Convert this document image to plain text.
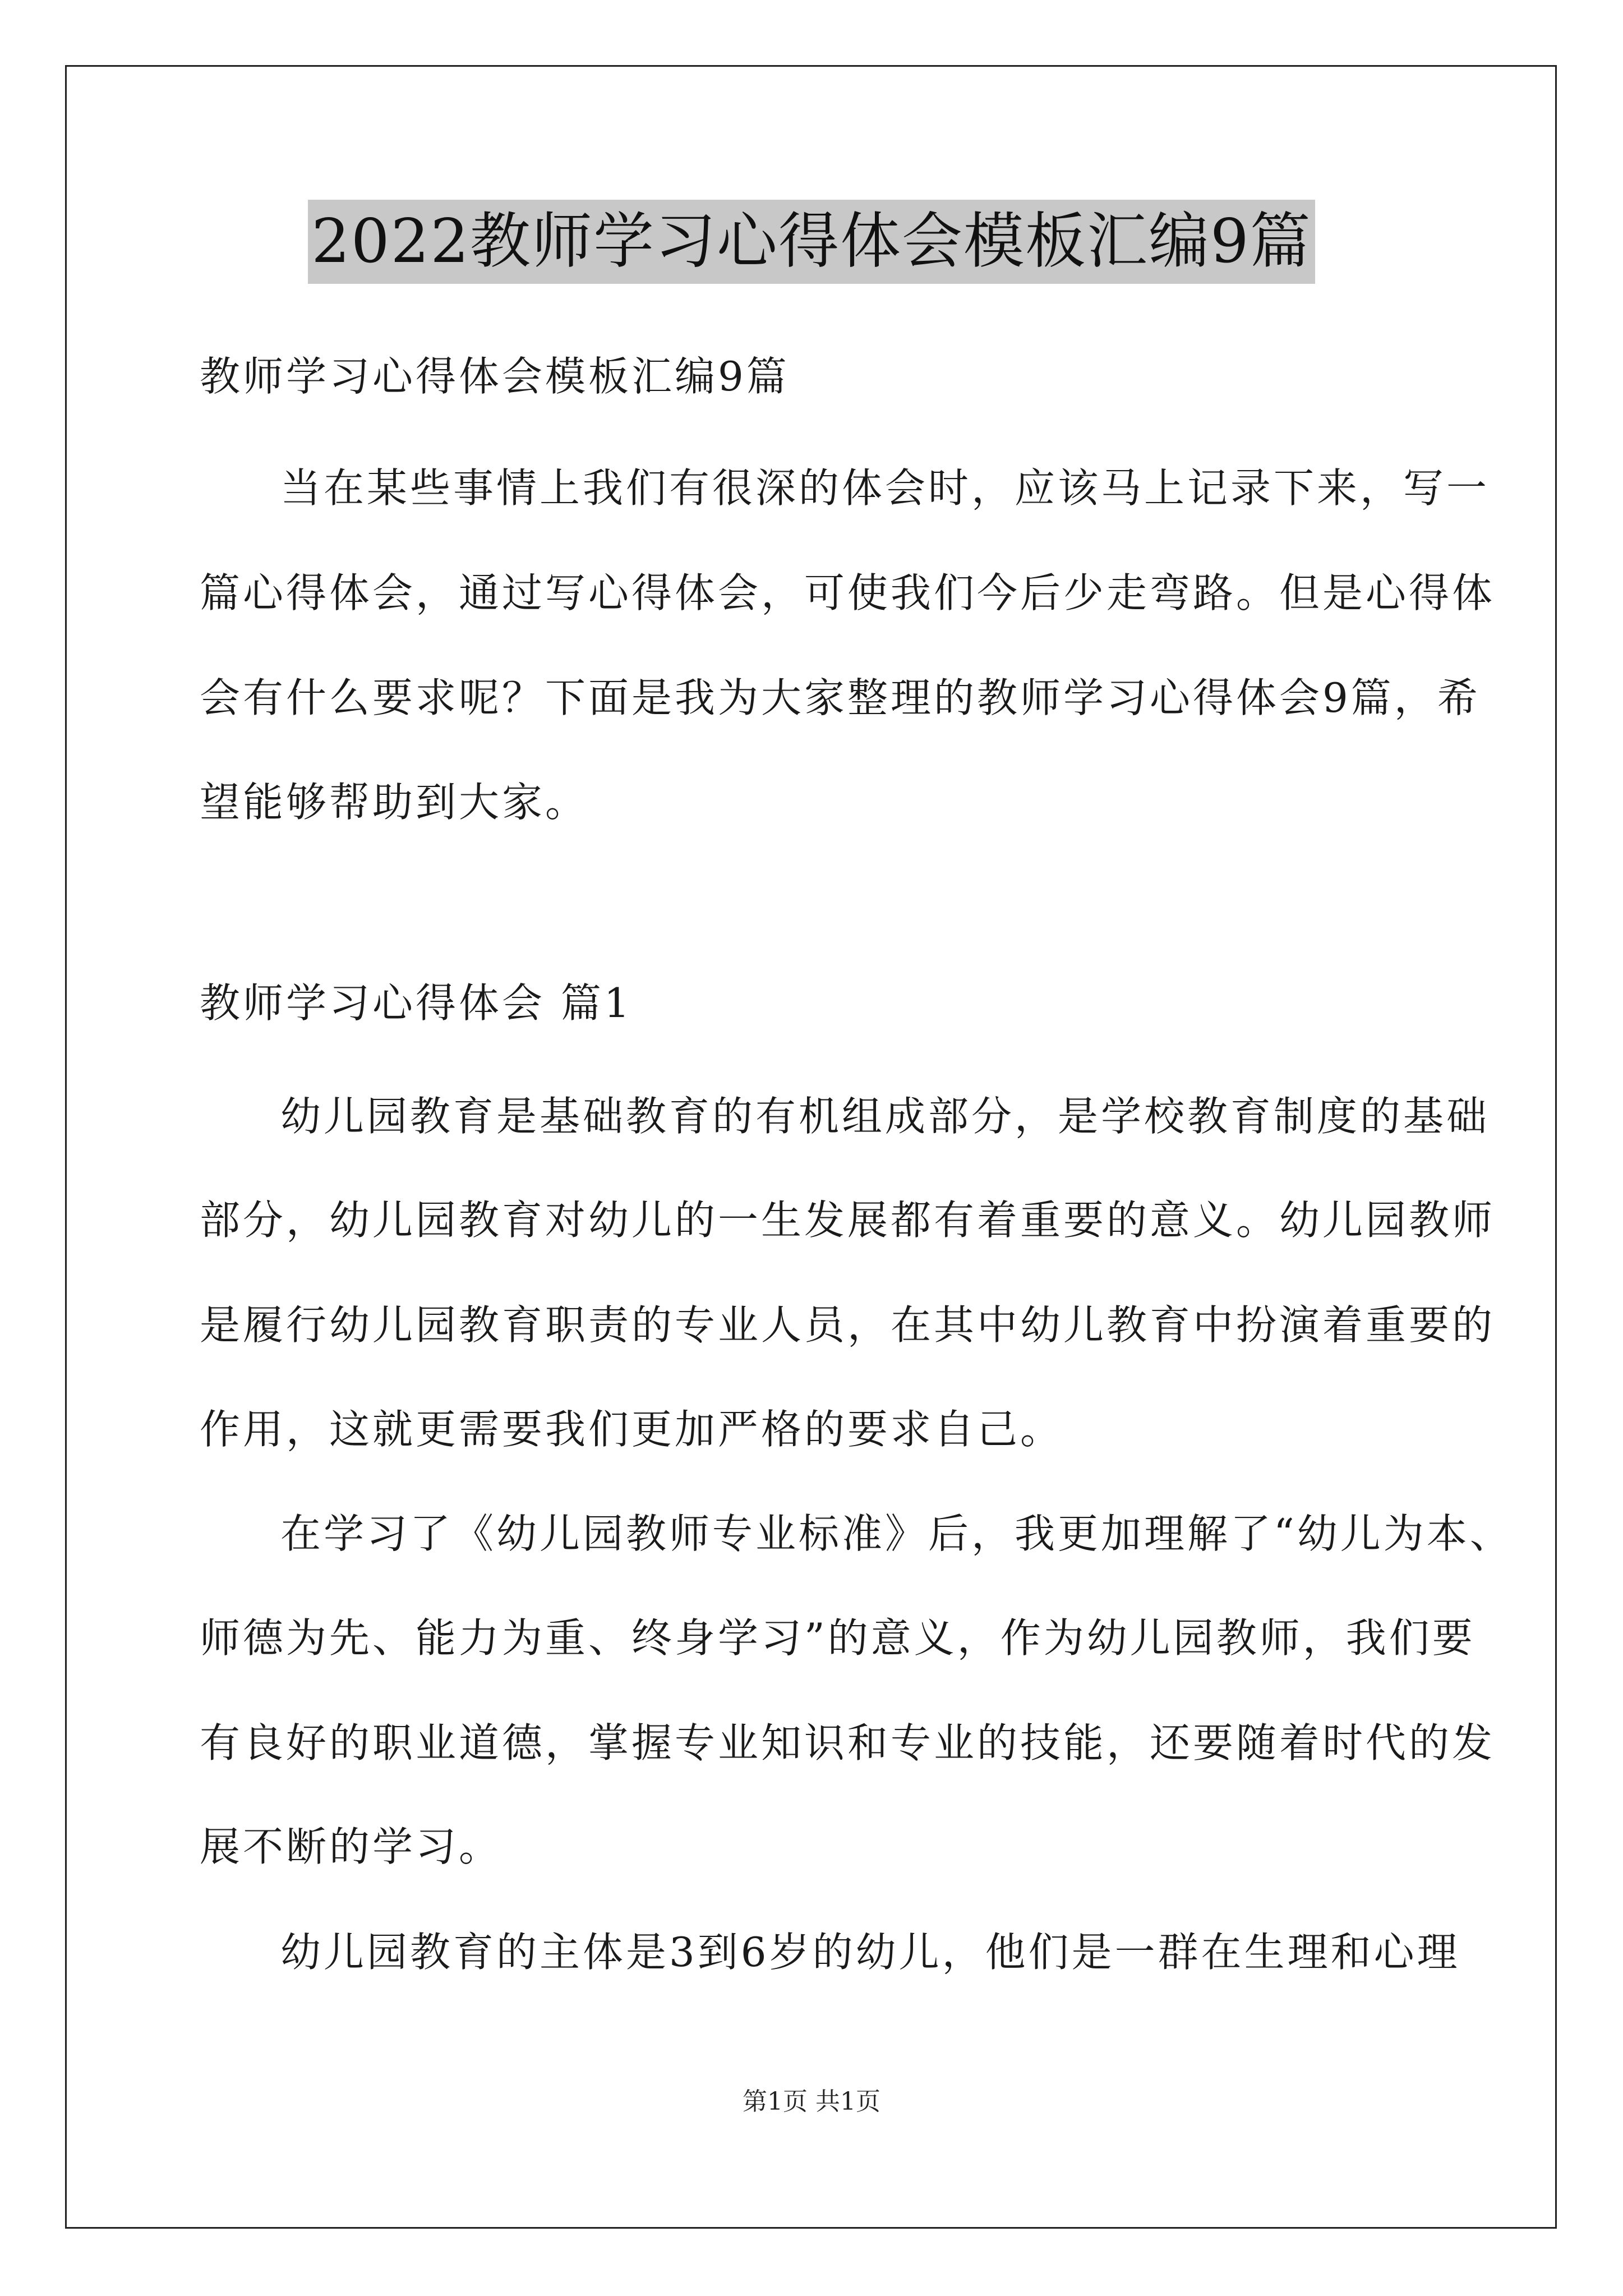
2022教师学习心得体会模板汇编9篇
教师学习心得体会模板汇编9篇
当在某些事情上我们有很深的体会时，应该马上记录下来，写一
篇心得体会，通过写心得体会，可使我们今后少走弯路。但是心得体
会有什么要求呢？下面是我为大家整理的教师学习心得体会9篇，希
望能够帮助到大家。
教师学习心得体会 篇1
幼儿园教育是基础教育的有机组成部分，是学校教育制度的基础
部分，幼儿园教育对幼儿的一生发展都有着重要的意义。幼儿园教师
是履行幼儿园教育职责的专业人员，在其中幼儿教育中扮演着重要的
作用，这就更需要我们更加严格的要求自己。
在学习了《幼儿园教师专业标准》后，我更加理解了“幼儿为本、
师德为先、能力为重、终身学习”的意义，作为幼儿园教师，我们要
有良好的职业道德，掌握专业知识和专业的技能，还要随着时代的发
展不断的学习。
幼儿园教育的主体是3到6岁的幼儿，他们是一群在生理和心理
第1页 共1页
